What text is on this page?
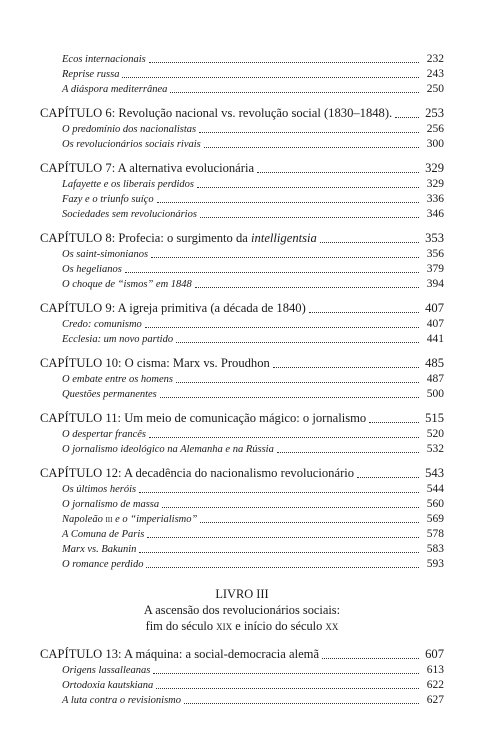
Ecos internacionais	232
Reprise russa	243
A diáspora mediterrânea	250
CAPÍTULO 6: Revolução nacional vs. revolução social (1830–1848).	253
O predomínio dos nacionalistas	256
Os revolucionários sociais rivais	300
CAPÍTULO 7: A alternativa evolucionária	329
Lafayette e os liberais perdidos	329
Fazy e o triunfo suíço	336
Sociedades sem revolucionários	346
CAPÍTULO 8: Profecia: o surgimento da intelligentsia	353
Os saint-simonianos	356
Os hegelianos	379
O choque de “ismos” em 1848	394
CAPÍTULO 9: A igreja primitiva (a década de 1840)	407
Credo: comunismo	407
Ecclesia: um novo partido	441
CAPÍTULO 10: O cisma: Marx vs. Proudhon	485
O embate entre os homens	487
Questões permanentes	500
CAPÍTULO 11: Um meio de comunicação mágico: o jornalismo	515
O despertar francês	520
O jornalismo ideológico na Alemanha e na Rússia	532
CAPÍTULO 12: A decadência do nacionalismo revolucionário	543
Os últimos heróis	544
O jornalismo de massa	560
Napoleão iii e o “imperialismo”	569
A Comuna de Paris	578
Marx vs. Bakunin	583
O romance perdido	593
LIVRO III
A ascensão dos revolucionários sociais:
fim do século xix e início do século xx
CAPÍTULO 13: A máquina: a social-democracia alemã	607
Origens lassalleanas	613
Ortodoxia kautskiana	622
A luta contra o revisionismo	627
